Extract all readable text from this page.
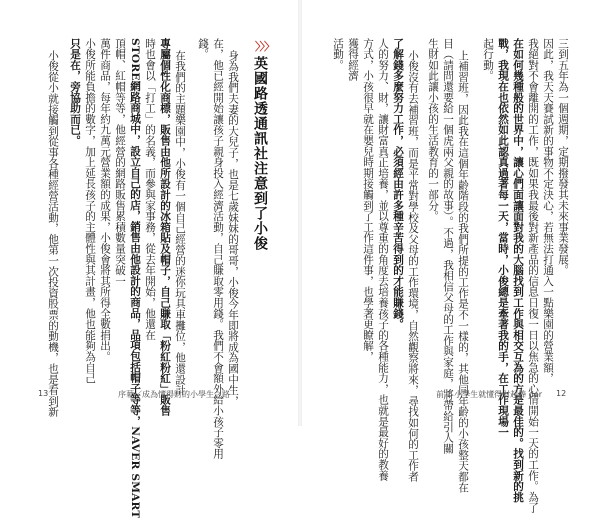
三到五年為一個週期，定期撥發其未來事業發展。
因此，我天天賽試新的事物不定決心，若無法打通入一點樂園的營業額，
我絕對不會離開的工作，既如果我最後對新產品的信息日復一日以焦急的心情開始一天的工作。為了
在如何幾種般的世界中，讓心們面讓面對我的大腦找到工作與相交互為的方是最佳的。找到新的挑
戰，我現在也依然如此認真過著每一天，當時，小俊總是牽著我的手，在工作現場一
起行動。
上補習班，因此我在這個年齡階段的我們所提的工作是不一樣的，其他同年齡的小孩整天都在
目（請問還要給一個虎兩父親的故事）。不過，我相信父母的工作與家庭，將帶給引人關
生財如此讓小孩的生活教育的一部分。
小俊沒有去補習班，而是平常對學校及父母的工作環境，自然觀察將來，尋找如何的工作者
了解錢多麼努力工作，必須經由許多種辛苦得到的才能賺錢。
人的努力、財，讓財富真正培養，並以尊重的角度去培養孩子的各種能力，也就是最好的教養
方式，小孩很早就在嬰兒時期接觸到了工作這件事，也學著更瞭解，
獲得經濟
活動。
12
前 1 小學生就懂得財起棒 der
〉〉〉
英國路透通訊社注意到了小俊
身為我們夫妻的大兒子，也是七歲妹妹的哥哥，小俊今年即將成為國中生，
在，他已經開始讓孩子親身投入經濟活動，自己賺取零用錢。我們不會額外給小孩子零用
錢。
在我們的主題樂園中，小俊有一個自己經營的迷你玩具車攤位，他還設計
專屬個性化商標，販售由他所設計的冰箱貼及帽子，自己賺取「粉紅粉紅」販售
時也會以「打工」的名義，而參與家事務，從去年開始，他還在
STORE網路商城中，設立自己的店，銷售由他設計的商品，品項包括帽子等等，NAVER SMART
頂帽、紅帽等等，他經營的網路販售累積數量突破一
萬件商品，每年約九萬元營業額的成果，小俊會將其所得全數捐出。
小俊所能負擔的數字，加上延長孩子的主體性與其計畫，他也能夠為自己
只是在，旁協助而已。
小俊從小就接觸到從事各種經營活動，他第一次投資股票的動機，也是看到新
13	序幕／成為懂得財的小學生之路
